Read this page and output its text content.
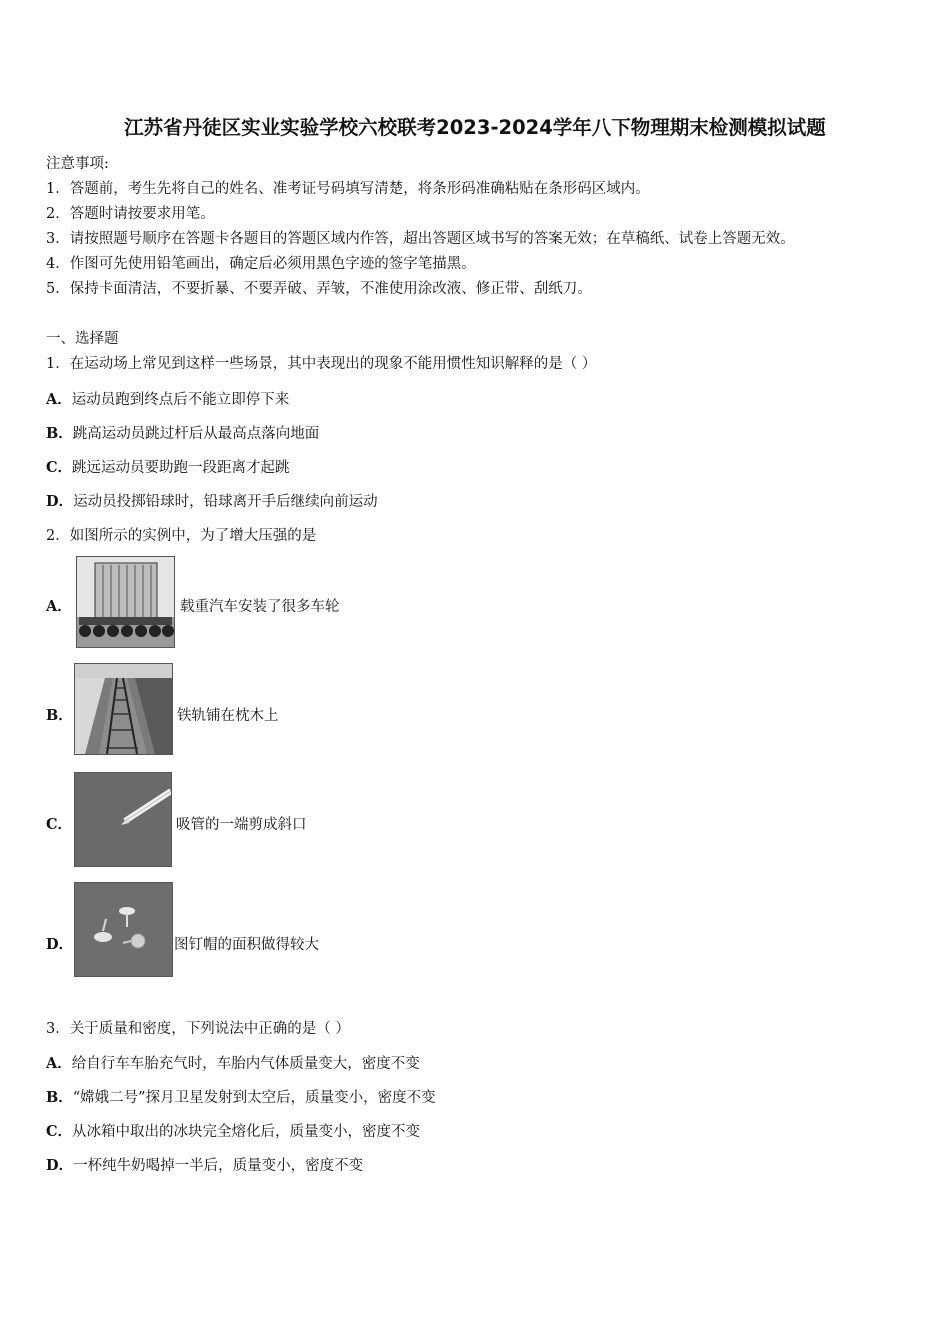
江苏省丹徒区实业实验学校六校联考2023-2024学年八下物理期末检测模拟试题
注意事项:
1．答题前，考生先将自己的姓名、准考证号码填写清楚，将条形码准确粘贴在条形码区域内。
2．答题时请按要求用笔。
3．请按照题号顺序在答题卡各题目的答题区域内作答，超出答题区域书写的答案无效；在草稿纸、试卷上答题无效。
4．作图可先使用铅笔画出，确定后必须用黑色字迹的签字笔描黑。
5．保持卡面清洁，不要折暴、不要弄破、弄皱，不准使用涂改液、修正带、刮纸刀。
一、选择题
1．在运动场上常见到这样一些场景，其中表现出的现象不能用惯性知识解释的是（ ）
A．运动员跑到终点后不能立即停下来
B．跳高运动员跳过杆后从最高点落向地面
C．跳远运动员要助跑一段距离才起跳
D．运动员投掷铅球时，铅球离开手后继续向前运动
2．如图所示的实例中，为了增大压强的是
A．	载重汽车安装了很多车轮
B．	铁轨铺在枕木上
C．	吸管的一端剪成斜口
D．	图钉帽的面积做得较大
3．关于质量和密度，下列说法中正确的是（ ）
A．给自行车车胎充气时，车胎内气体质量变大，密度不变
B．“嫦娥二号”探月卫星发射到太空后，质量变小，密度不变
C．从冰箱中取出的冰块完全熔化后，质量变小，密度不变
D．一杯纯牛奶喝掉一半后，质量变小，密度不变
